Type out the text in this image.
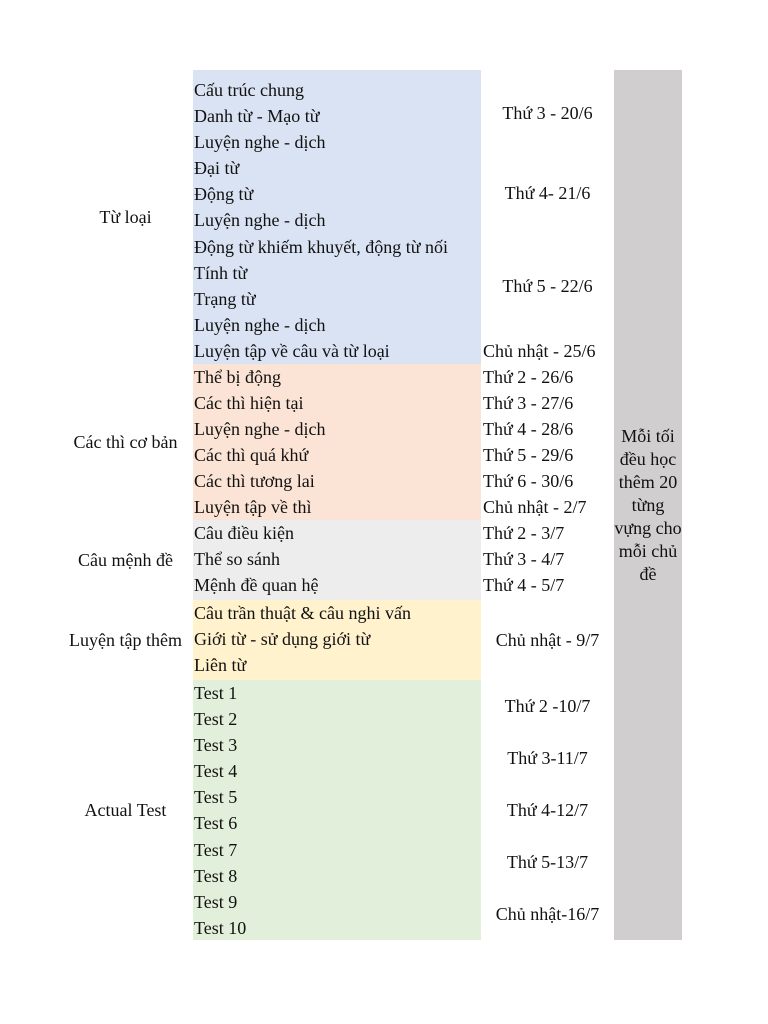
Từ loại
Các thì cơ bản
Câu mệnh đề
Luyện tập thêm
Actual Test
Cấu trúc chung
Danh từ - Mạo từ
Luyện nghe - dịch
Đại từ
Động từ
Luyện nghe - dịch
Động từ khiếm khuyết, động từ nối
Tính từ
Trạng từ
Luyện nghe - dịch
Luyện tập về câu và từ loại
Thể bị động
Các thì hiện tại
Luyện nghe - dịch
Các thì quá khứ
Các thì tương lai
Luyện tập về thì
Câu điều kiện
Thể so sánh
Mệnh đề quan hệ
Câu trần thuật & câu nghi vấn
Giới từ - sử dụng giới từ
Liên từ
Test 1
Test 2
Test 3
Test 4
Test 5
Test 6
Test 7
Test 8
Test 9
Test 10
Thứ 3 - 20/6
Thứ 4- 21/6
Thứ 5 - 22/6
Chủ nhật - 25/6
Thứ 2 - 26/6
Thứ 3 - 27/6
Thứ 4 - 28/6
Thứ 5 - 29/6
Thứ 6 - 30/6
Chủ nhật - 2/7
Thứ 2 - 3/7
Thứ 3 - 4/7
Thứ 4 - 5/7
Chủ nhật - 9/7
Thứ 2 -10/7
Thứ 3-11/7
Thứ 4-12/7
Thứ 5-13/7
Chủ nhật-16/7
Mỗi tối đều học thêm 20 từng vựng cho mỗi chủ đề
